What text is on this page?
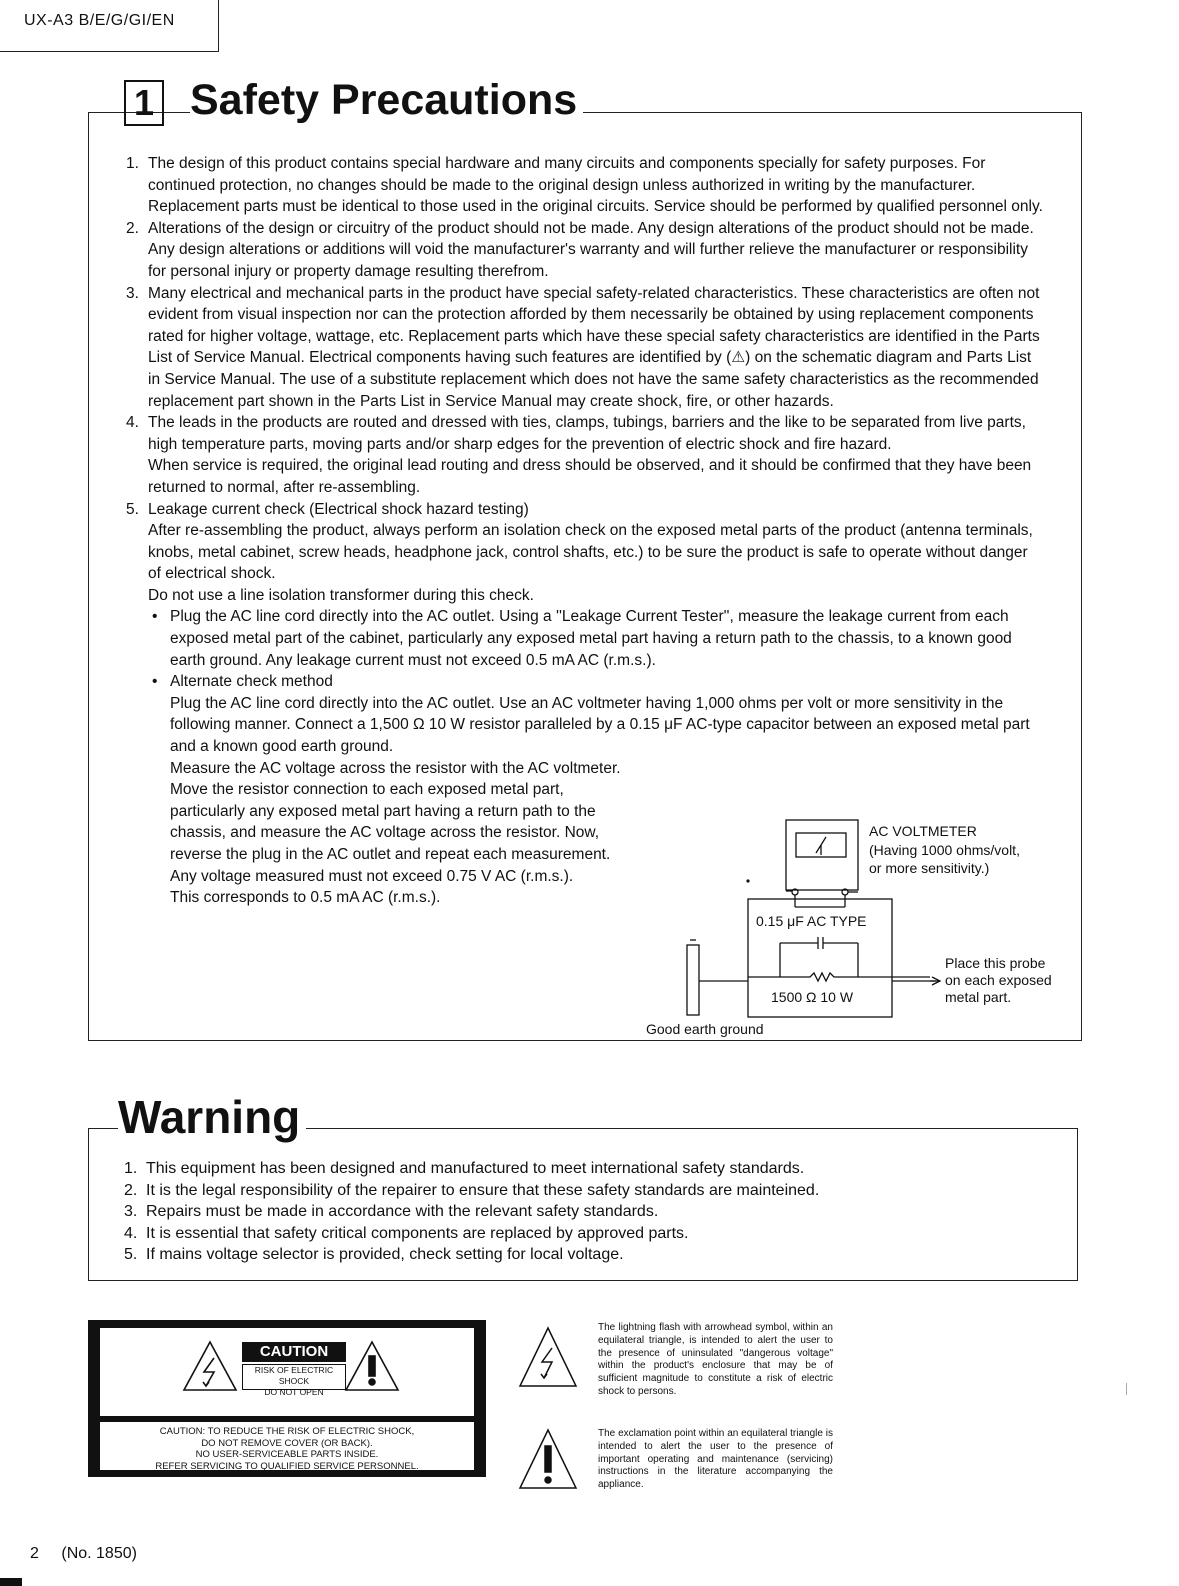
UX-A3 B/E/G/GI/EN
1 Safety Precautions
1. The design of this product contains special hardware and many circuits and components specially for safety purposes. For continued protection, no changes should be made to the original design unless authorized in writing by the manufacturer. Replacement parts must be identical to those used in the original circuits. Service should be performed by qualified personnel only.

2. Alterations of the design or circuitry of the product should not be made. Any design alterations of the product should not be made. Any design alterations or additions will void the manufacturer's warranty and will further relieve the manufacturer or responsibility for personal injury or property damage resulting therefrom.

3. Many electrical and mechanical parts in the product have special safety-related characteristics. These characteristics are often not evident from visual inspection nor can the protection afforded by them necessarily be obtained by using replacement components rated for higher voltage, wattage, etc. Replacement parts which have these special safety characteristics are identified in the Parts List of Service Manual. Electrical components having such features are identified by (⚠) on the schematic diagram and Parts List in Service Manual. The use of a substitute replacement which does not have the same safety characteristics as the recommended replacement part shown in the Parts List in Service Manual may create shock, fire, or other hazards.

4. The leads in the products are routed and dressed with ties, clamps, tubings, barriers and the like to be separated from live parts, high temperature parts, moving parts and/or sharp edges for the prevention of electric shock and fire hazard.

When service is required, the original lead routing and dress should be observed, and it should be confirmed that they have been returned to normal, after re-assembling.

5. Leakage current check (Electrical shock hazard testing)

After re-assembling the product, always perform an isolation check on the exposed metal parts of the product (antenna terminals, knobs, metal cabinet, screw heads, headphone jack, control shafts, etc.) to be sure the product is safe to operate without danger of electrical shock.

Do not use a line isolation transformer during this check.

• Plug the AC line cord directly into the AC outlet. Using a ''Leakage Current Tester'', measure the leakage current from each exposed metal part of the cabinet, particularly any exposed metal part having a return path to the chassis, to a known good earth ground. Any leakage current must not exceed 0.5 mA AC (r.m.s.).

• Alternate check method

Plug the AC line cord directly into the AC outlet. Use an AC voltmeter having 1,000 ohms per volt or more sensitivity in the following manner. Connect a 1,500 Ω 10 W resistor paralleled by a 0.15 μF AC-type capacitor between an exposed metal part and a known good earth ground.

Measure the AC voltage across the resistor with the AC voltmeter.

Move the resistor connection to each exposed metal part, particularly any exposed metal part having a return path to the chassis, and measure the AC voltage across the resistor. Now, reverse the plug in the AC outlet and repeat each measurement. Any voltage measured must not exceed 0.75 V AC (r.m.s.).

This corresponds to 0.5 mA AC (r.m.s.).

AC VOLTMETER
(Having 1000 ohms/volt,
or more sensitivity.)
0.15 μF AC TYPE
1500 Ω 10 W
Place this probe
on each exposed
metal part.
Good earth ground
Warning
1. This equipment has been designed and manufactured to meet international safety standards.

2. It is the legal responsibility of the repairer to ensure that these safety standards are mainteined.

3. Repairs must be made in accordance with the relevant safety standards.

4. It is essential that safety critical components are replaced by approved parts.

5. If mains voltage selector is provided, check setting for local voltage.

CAUTION
RISK OF ELECTRIC SHOCK
DO NOT OPEN
CAUTION: TO REDUCE THE RISK OF ELECTRIC SHOCK,
DO NOT REMOVE COVER (OR BACK).
NO USER-SERVICEABLE PARTS INSIDE.
REFER SERVICING TO QUALIFIED SERVICE PERSONNEL.
The lightning flash with arrowhead symbol, within an equilateral triangle, is intended to alert the user to the presence of uninsulated "dangerous voltage" within the product's enclosure that may be of sufficient magnitude to constitute a risk of electric shock to persons.
The exclamation point within an equilateral triangle is intended to alert the user to the presence of important operating and maintenance (servicing) instructions in the literature accompanying the appliance.
2 (No. 1850)
